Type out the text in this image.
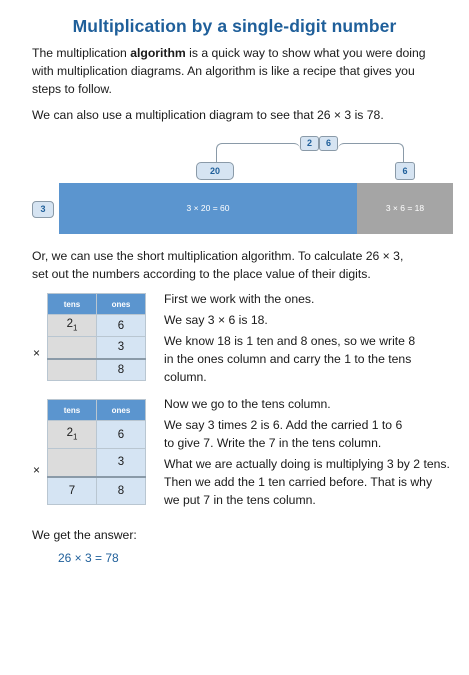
Multiplication by a single-digit number
The multiplication algorithm is a quick way to show what you were doing
with multiplication diagrams. An algorithm is like a recipe that gives you
steps to follow.
We can also use a multiplication diagram to see that 26 × 3 is 78.
2	6
20	6
3	3 × 20 = 60	3 × 6 = 18
Or, we can use the short multiplication algorithm. To calculate 26 × 3,
set out the numbers according to the place value of their digits.
tens	ones
$2_1$	6
	3
	8
×
First we work with the ones.
We say 3 × 6 is 18.
We know 18 is 1 ten and 8 ones, so we write 8
in the ones column and carry the 1 to the tens
column.
tens	ones
$2_1$	6
	3
7	8
×
Now we go to the tens column.
We say 3 times 2 is 6. Add the carried 1 to 6
to give 7. Write the 7 in the tens column.
What we are actually doing is multiplying 3 by 2 tens.
Then we add the 1 ten carried before. That is why
we put 7 in the tens column.
We get the answer:
26 × 3 = 78
